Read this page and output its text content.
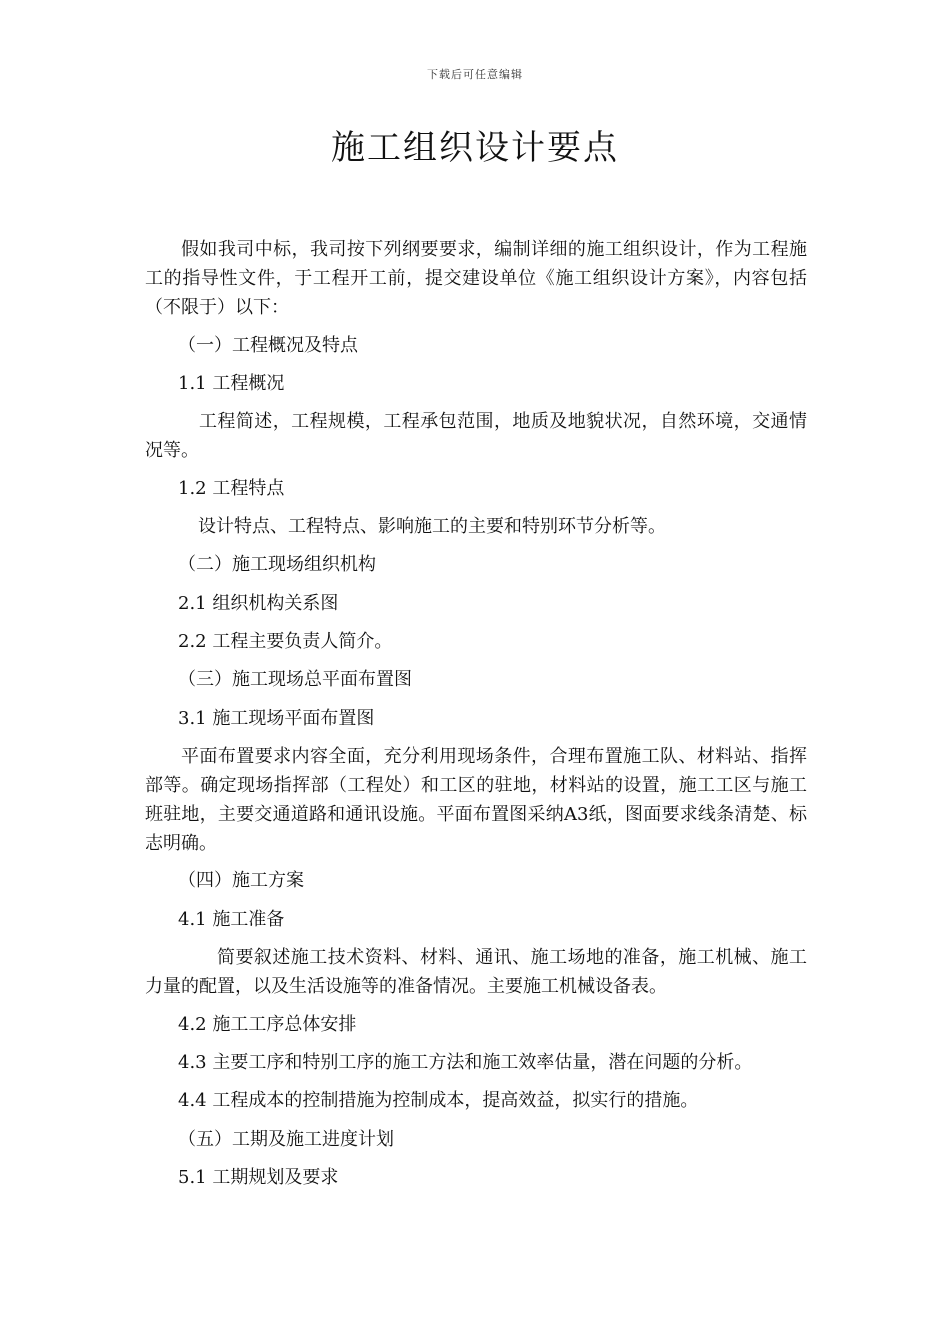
下载后可任意编辑
施工组织设计要点

假如我司中标，我司按下列纲要要求，编制详细的施工组织设计，作为工程施工的指导性文件，于工程开工前，提交建设单位《施工组织设计方案》，内容包括（不限于）以下：

（一）工程概况及特点

1.1 工程概况

工程简述，工程规模，工程承包范围，地质及地貌状况，自然环境，交通情况等。

1.2 工程特点

设计特点、工程特点、影响施工的主要和特别环节分析等。

（二）施工现场组织机构

2.1 组织机构关系图

2.2 工程主要负责人简介。

（三）施工现场总平面布置图

3.1 施工现场平面布置图

平面布置要求内容全面，充分利用现场条件，合理布置施工队、材料站、指挥部等。确定现场指挥部（工程处）和工区的驻地，材料站的设置，施工工区与施工班驻地，主要交通道路和通讯设施。平面布置图采纳A3纸，图面要求线条清楚、标志明确。

（四）施工方案

4.1 施工准备

简要叙述施工技术资料、材料、通讯、施工场地的准备，施工机械、施工力量的配置，以及生活设施等的准备情况。主要施工机械设备表。

4.2 施工工序总体安排

4.3 主要工序和特别工序的施工方法和施工效率估量，潜在问题的分析。

4.4 工程成本的控制措施为控制成本，提高效益，拟实行的措施。

（五）工期及施工进度计划

5.1 工期规划及要求
